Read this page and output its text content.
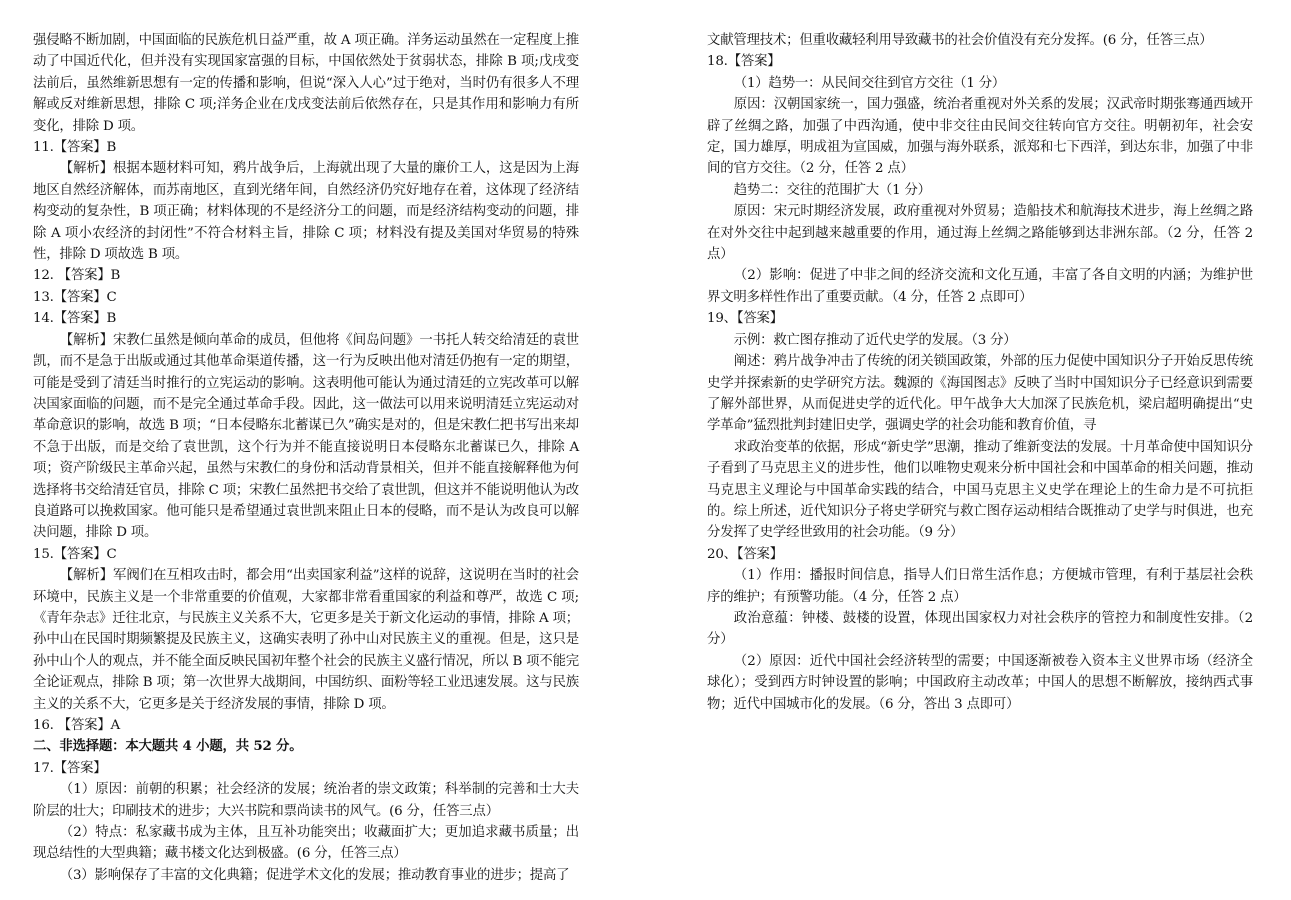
强侵略不断加剧，中国面临的民族危机日益严重，故 A 项正确。洋务运动虽然在一定程度上推动了中国近代化，但并没有实现国家富强的目标，中国依然处于贫弱状态，排除 B 项;戊戌变法前后，虽然维新思想有一定的传播和影响，但说“深入人心”过于绝对，当时仍有很多人不理解或反对维新思想，排除 C 项;洋务企业在戊戌变法前后依然存在，只是其作用和影响力有所变化，排除 D 项。

11.【答案】B

【解析】根据本题材料可知，鸦片战争后，上海就出现了大量的廉价工人，这是因为上海地区自然经济解体，而苏南地区，直到光绪年间，自然经济仍究好地存在着，这体现了经济结构变动的复杂性，B 项正确；材料体现的不是经济分工的问题，而是经济结构变动的问题，排除 A 项小农经济的封闭性”不符合材料主旨，排除 C 项；材料没有提及美国对华贸易的特殊性，排除 D 项故选 B 项。

12. 【答案】B

13.【答案】C

14.【答案】B

【解析】宋教仁虽然是倾向革命的成员，但他将《间岛问题》一书托人转交给清廷的袁世凯，而不是急于出版或通过其他革命渠道传播，这一行为反映出他对清廷仍抱有一定的期望，可能是受到了清廷当时推行的立宪运动的影响。这表明他可能认为通过清廷的立宪改革可以解决国家面临的问题，而不是完全通过革命手段。因此，这一做法可以用来说明清廷立宪运动对革命意识的影响，故选 B 项；“日本侵略东北蓄谋已久”确实是对的，但是宋教仁把书写出来却不急于出版，而是交给了袁世凯，这个行为并不能直接说明日本侵略东北蓄谋已久，排除 A 项；资产阶级民主革命兴起，虽然与宋教仁的身份和活动背景相关，但并不能直接解释他为何选择将书交给清廷官员，排除 C 项；宋教仁虽然把书交给了袁世凯，但这并不能说明他认为改良道路可以挽救国家。他可能只是希望通过袁世凯来阻止日本的侵略，而不是认为改良可以解决问题，排除 D 项。

15.【答案】C

【解析】军阀们在互相攻击时，都会用“出卖国家利益”这样的说辞，这说明在当时的社会环境中，民族主义是一个非常重要的价值观，大家都非常看重国家的利益和尊严，故选 C 项;《青年杂志》迁往北京，与民族主义关系不大，它更多是关于新文化运动的事情，排除 A 项；孙中山在民国时期频繁提及民族主义，这确实表明了孙中山对民族主义的重视。但是，这只是孙中山个人的观点，并不能全面反映民国初年整个社会的民族主义盛行情况，所以 B 项不能完全论证观点，排除 B 项；第一次世界大战期间，中国纺织、面粉等轻工业迅速发展。这与民族主义的关系不大，它更多是关于经济发展的事情，排除 D 项。

16. 【答案】A

二、非选择题：本大题共 4 小题，共 52 分。

17.【答案】

（1）原因：前朝的积累；社会经济的发展；统治者的崇文政策；科举制的完善和士大夫阶层的壮大；印刷技术的进步；大兴书院和票尚读书的风气。(6 分，任答三点）

（2）特点：私家藏书成为主体，且互补功能突出；收藏面扩大；更加追求藏书质量；出现总结性的大型典籍；藏书楼文化达到极盛。(6 分，任答三点）

（3）影响保存了丰富的文化典籍；促进学术文化的发展；推动教育事业的进步；提高了

文献管理技术；但重收藏轻利用导致藏书的社会价值没有充分发挥。(6 分，任答三点）

18.【答案】

（1）趋势一：从民间交往到官方交往（1 分）

原因：汉朝国家统一，国力强盛，统治者重视对外关系的发展；汉武帝时期张骞通西域开辟了丝绸之路，加强了中西沟通，使中非交往由民间交往转向官方交往。明朝初年，社会安定，国力雄厚，明成祖为宣国威，加强与海外联系，派郑和七下西洋，到达东非，加强了中非间的官方交往。（2 分，任答 2 点）

趋势二：交往的范围扩大（1 分）

原因：宋元时期经济发展，政府重视对外贸易；造船技术和航海技术进步，海上丝绸之路在对外交往中起到越来越重要的作用，通过海上丝绸之路能够到达非洲东部。（2 分，任答 2 点）

（2）影响：促进了中非之间的经济交流和文化互通，丰富了各自文明的内涵；为维护世界文明多样性作出了重要贡献。（4 分，任答 2 点即可）

19、【答案】

示例：救亡图存推动了近代史学的发展。（3 分）

阐述：鸦片战争冲击了传统的闭关锁国政策，外部的压力促使中国知识分子开始反思传统史学并探索新的史学研究方法。魏源的《海国图志》反映了当时中国知识分子已经意识到需要了解外部世界，从而促进史学的近代化。甲午战争大大加深了民族危机，梁启超明确提出“史学革命”猛烈批判封建旧史学，强调史学的社会功能和教育价值，寻

求政治变革的依据，形成“新史学”思潮，推动了维新变法的发展。十月革命使中国知识分子看到了马克思主义的进步性，他们以唯物史观来分析中国社会和中国革命的相关问题，推动马克思主义理论与中国革命实践的结合，中国马克思主义史学在理论上的生命力是不可抗拒的。综上所述，近代知识分子将史学研究与救亡图存运动相结合既推动了史学与时俱进，也充分发挥了史学经世致用的社会功能。（9 分）

20、【答案】

（1）作用：播报时间信息，指导人们日常生活作息；方便城市管理，有利于基层社会秩序的维护；有预警功能。（4 分，任答 2 点）

政治意蕴：钟楼、鼓楼的设置，体现出国家权力对社会秩序的管控力和制度性安排。（2 分）

（2）原因：近代中国社会经济转型的需要；中国逐渐被卷入资本主义世界市场（经济全球化）；受到西方时钟设置的影响；中国政府主动改革；中国人的思想不断解放，接纳西式事物；近代中国城市化的发展。（6 分，答出 3 点即可）
